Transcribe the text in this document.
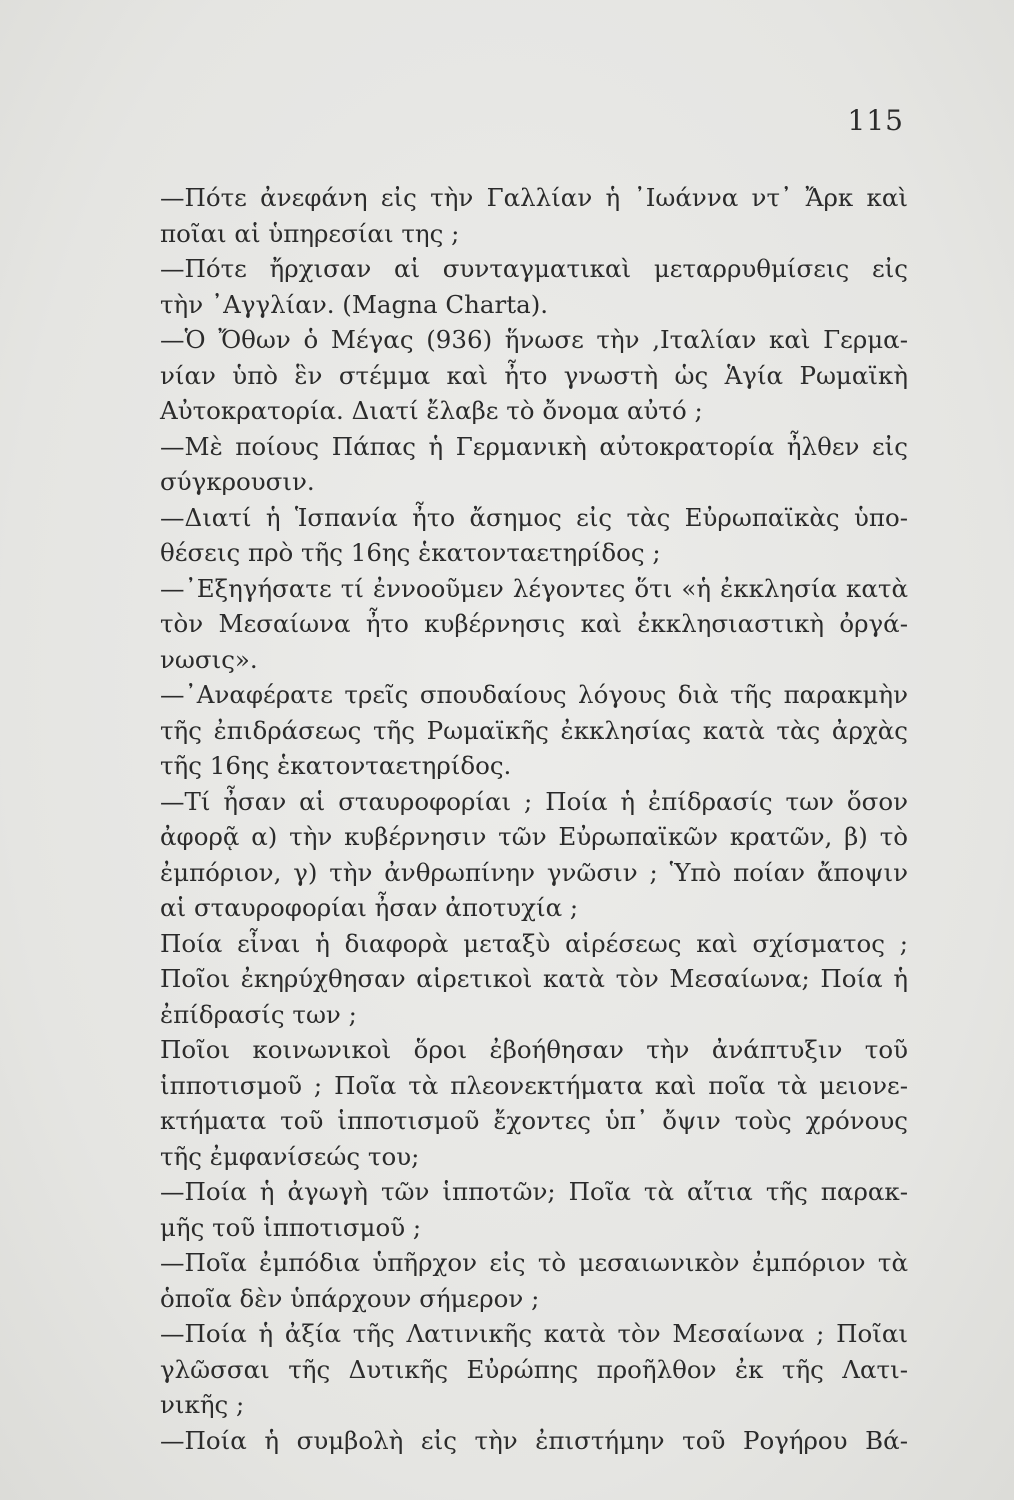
115
—Πότε ἀνεφάνη εἰς τὴν Γαλλίαν ἡ ᾿Ιωάννα ντ᾿ Ἄρκ καὶ
ποῖαι αἱ ὑπηρεσίαι της ;
—Πότε ἤρχισαν αἱ συνταγματικαὶ μεταρρυθμίσεις εἰς
τὴν ᾿Αγγλίαν. (Magna Charta).
—Ὁ Ὄθων ὁ Μέγας (936) ἥνωσε τὴν ,Ιταλίαν καὶ Γερμα-
νίαν ὑπὸ ἓν στέμμα καὶ ἦτο γνωστὴ ὡς Ἁγία Ρωμαϊκὴ
Αὐτοκρατορία. Διατί ἔλαβε τὸ ὄνομα αὐτό ;
—Μὲ ποίους Πάπας ἡ Γερμανικὴ αὐτοκρατορία ἦλθεν εἰς
σύγκρουσιν.
—Διατί ἡ Ἱσπανία ἦτο ἄσημος εἰς τὰς Εὐρωπαϊκὰς ὑπο-
θέσεις πρὸ τῆς 16ης ἑκατονταετηρίδος ;
—᾿Εξηγήσατε τί ἐννοοῦμεν λέγοντες ὅτι «ἡ ἐκκλησία κατὰ
τὸν Μεσαίωνα ἦτο κυβέρνησις καὶ ἐκκλησιαστικὴ ὀργά-
νωσις».
—᾿Αναφέρατε τρεῖς σπουδαίους λόγους διὰ τῆς παρακμὴν
τῆς ἐπιδράσεως τῆς Ρωμαϊκῆς ἐκκλησίας κατὰ τὰς ἀρχὰς
τῆς 16ης ἑκατονταετηρίδος.
—Τί ἦσαν αἱ σταυροφορίαι ; Ποία ἡ ἐπίδρασίς των ὅσον
ἀφορᾷ α) τὴν κυβέρνησιν τῶν Εὐρωπαϊκῶν κρατῶν, β) τὸ
ἐμπόριον, γ) τὴν ἀνθρωπίνην γνῶσιν ; Ὑπὸ ποίαν ἄποψιν
αἱ σταυροφορίαι ἦσαν ἀποτυχία ;
Ποία εἶναι ἡ διαφορὰ μεταξὺ αἱρέσεως καὶ σχίσματος ;
Ποῖοι ἐκηρύχθησαν αἱρετικοὶ κατὰ τὸν Μεσαίωνα; Ποία ἡ
ἐπίδρασίς των ;
Ποῖοι κοινωνικοὶ ὅροι ἐβοήθησαν τὴν ἀνάπτυξιν τοῦ
ἱπποτισμοῦ ; Ποῖα τὰ πλεονεκτήματα καὶ ποῖα τὰ μειονε-
κτήματα τοῦ ἱπποτισμοῦ ἔχοντες ὑπ᾿ ὄψιν τοὺς χρόνους
τῆς ἐμφανίσεώς του;
—Ποία ἡ ἀγωγὴ τῶν ἱπποτῶν; Ποῖα τὰ αἴτια τῆς παρακ-
μῆς τοῦ ἱπποτισμοῦ ;
—Ποῖα ἐμπόδια ὑπῆρχον εἰς τὸ μεσαιωνικὸν ἐμπόριον τὰ
ὁποῖα δὲν ὑπάρχουν σήμερον ;
—Ποία ἡ ἀξία τῆς Λατινικῆς κατὰ τὸν Μεσαίωνα ; Ποῖαι
γλῶσσαι τῆς Δυτικῆς Εὐρώπης προῆλθον ἐκ τῆς Λατι-
νικῆς ;
—Ποία ἡ συμβολὴ εἰς τὴν ἐπιστήμην τοῦ Ρογήρου Βά-
